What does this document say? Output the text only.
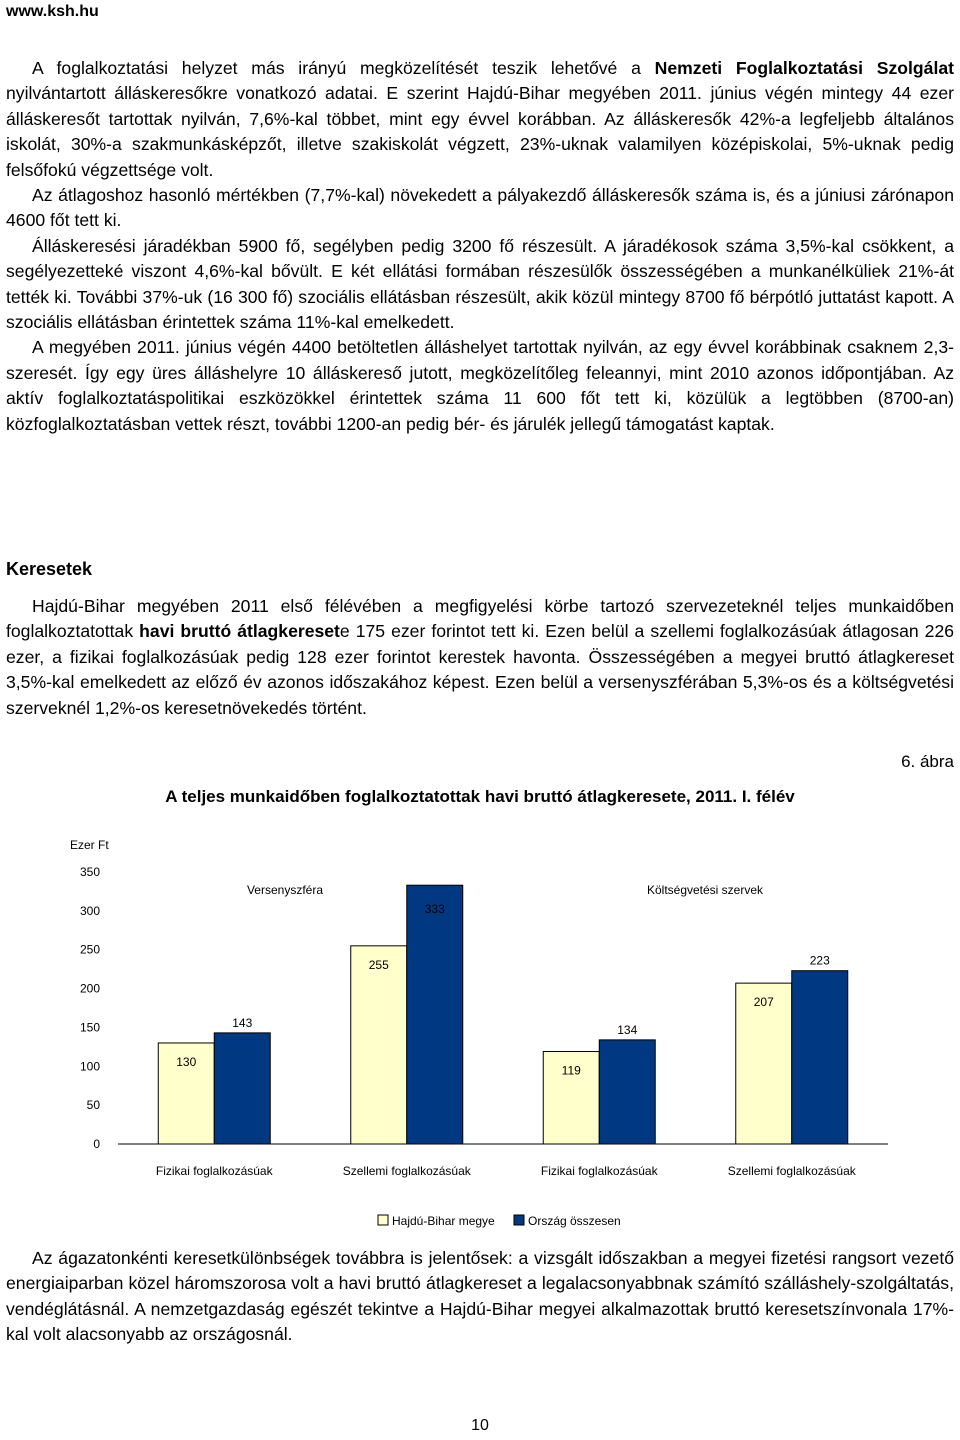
www.ksh.hu

A foglalkoztatási helyzet más irányú megközelítését teszik lehetővé a Nemzeti Foglalkoztatási Szolgálat nyilvántartott álláskeresőkre vonatkozó adatai. E szerint Hajdú-Bihar megyében 2011. június végén mintegy 44 ezer álláskeresőt tartottak nyilván, 7,6%-kal többet, mint egy évvel korábban. Az álláskeresők 42%-a legfeljebb általános iskolát, 30%-a szakmunkásképzőt, illetve szakiskolát végzett, 23%-uknak valamilyen középiskolai, 5%-uknak pedig felsőfokú végzettsége volt.

Az átlagoshoz hasonló mértékben (7,7%-kal) növekedett a pályakezdő álláskeresők száma is, és a júniusi zárónapon 4600 főt tett ki.

Álláskeresési járadékban 5900 fő, segélyben pedig 3200 fő részesült. A járadékosok száma 3,5%-kal csökkent, a segélyezetteké viszont 4,6%-kal bővült. E két ellátási formában részesülők összességében a munkanélküliek 21%-át tették ki. További 37%-uk (16 300 fő) szociális ellátásban részesült, akik közül mintegy 8700 fő bérpótló juttatást kapott. A szociális ellátásban érintettek száma 11%-kal emelkedett.

A megyében 2011. június végén 4400 betöltetlen álláshelyet tartottak nyilván, az egy évvel korábbinak csaknem 2,3-szeresét. Így egy üres álláshelyre 10 álláskereső jutott, megközelítőleg feleannyi, mint 2010 azonos időpontjában. Az aktív foglalkoztatáspolitikai eszközökkel érintettek száma 11 600 főt tett ki, közülük a legtöbben (8700-an) közfoglalkoztatásban vettek részt, további 1200-an pedig bér- és járulék jellegű támogatást kaptak.

Keresetek

Hajdú-Bihar megyében 2011 első félévében a megfigyelési körbe tartozó szervezeteknél teljes munkaidőben foglalkoztatottak havi bruttó átlagkeresete 175 ezer forintot tett ki. Ezen belül a szellemi foglalkozásúak átlagosan 226 ezer, a fizikai foglalkozásúak pedig 128 ezer forintot kerestek havonta. Összességében a megyei bruttó átlagkereset 3,5%-kal emelkedett az előző év azonos időszakához képest. Ezen belül a versenyszférában 5,3%-os és a költségvetési szerveknél 1,2%-os keresetnövekedés történt.

6. ábra
A teljes munkaidőben foglalkoztatottak havi bruttó átlagkeresete, 2011. I. félév
Ezer Ft
0
50
100
150
200
250
300
350
130
143
Fizikai foglalkozásúak
255
333
Szellemi foglalkozásúak
119
134
Fizikai foglalkozásúak
207
223
Szellemi foglalkozásúak
Versenyszféra	Költségvetési szervek
Hajdú-Bihar megye	Ország összesen

Az ágazatonkénti keresetkülönbségek továbbra is jelentősek: a vizsgált időszakban a megyei fizetési rangsort vezető energiaiparban közel háromszorosa volt a havi bruttó átlagkereset a legalacsonyabbnak számító szálláshely-szolgáltatás, vendéglátásnál. A nemzetgazdaság egészét tekintve a Hajdú-Bihar megyei alkalmazottak bruttó keresetszínvonala 17%-kal volt alacsonyabb az országosnál.

10
